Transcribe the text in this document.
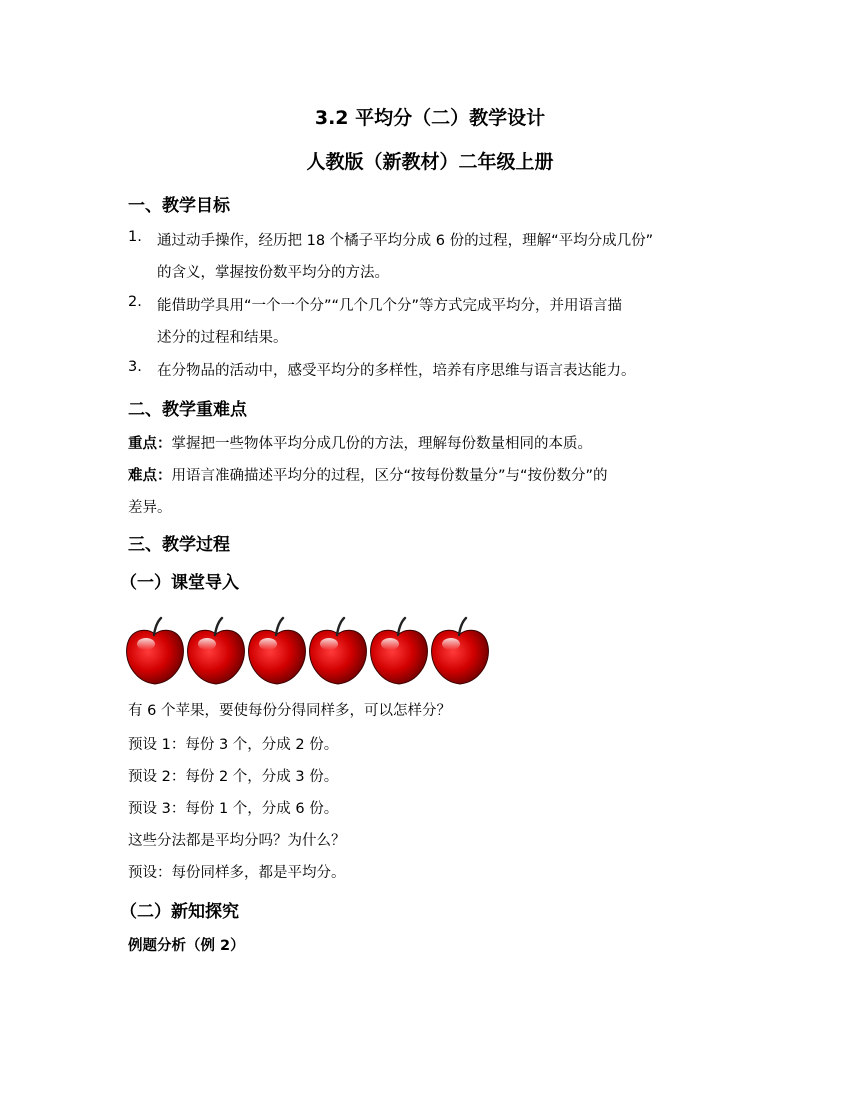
3.2 平均分（二）教学设计
人教版（新教材）二年级上册
一、教学目标
1. 通过动手操作，经历把 18 个橘子平均分成 6 份的过程，理解“平均分成几份”
的含义，掌握按份数平均分的方法。
2. 能借助学具用“一个一个分”“几个几个分”等方式完成平均分，并用语言描
述分的过程和结果。
3. 在分物品的活动中，感受平均分的多样性，培养有序思维与语言表达能力。
二、教学重难点
重点：掌握把一些物体平均分成几份的方法，理解每份数量相同的本质。
难点：用语言准确描述平均分的过程，区分“按每份数量分”与“按份数分”的
差异。
三、教学过程
（一）课堂导入
有 6 个苹果，要使每份分得同样多，可以怎样分？
预设 1：每份 3 个，分成 2 份。
预设 2：每份 2 个，分成 3 份。
预设 3：每份 1 个，分成 6 份。
这些分法都是平均分吗？为什么？
预设：每份同样多，都是平均分。
（二）新知探究
例题分析（例 2）
